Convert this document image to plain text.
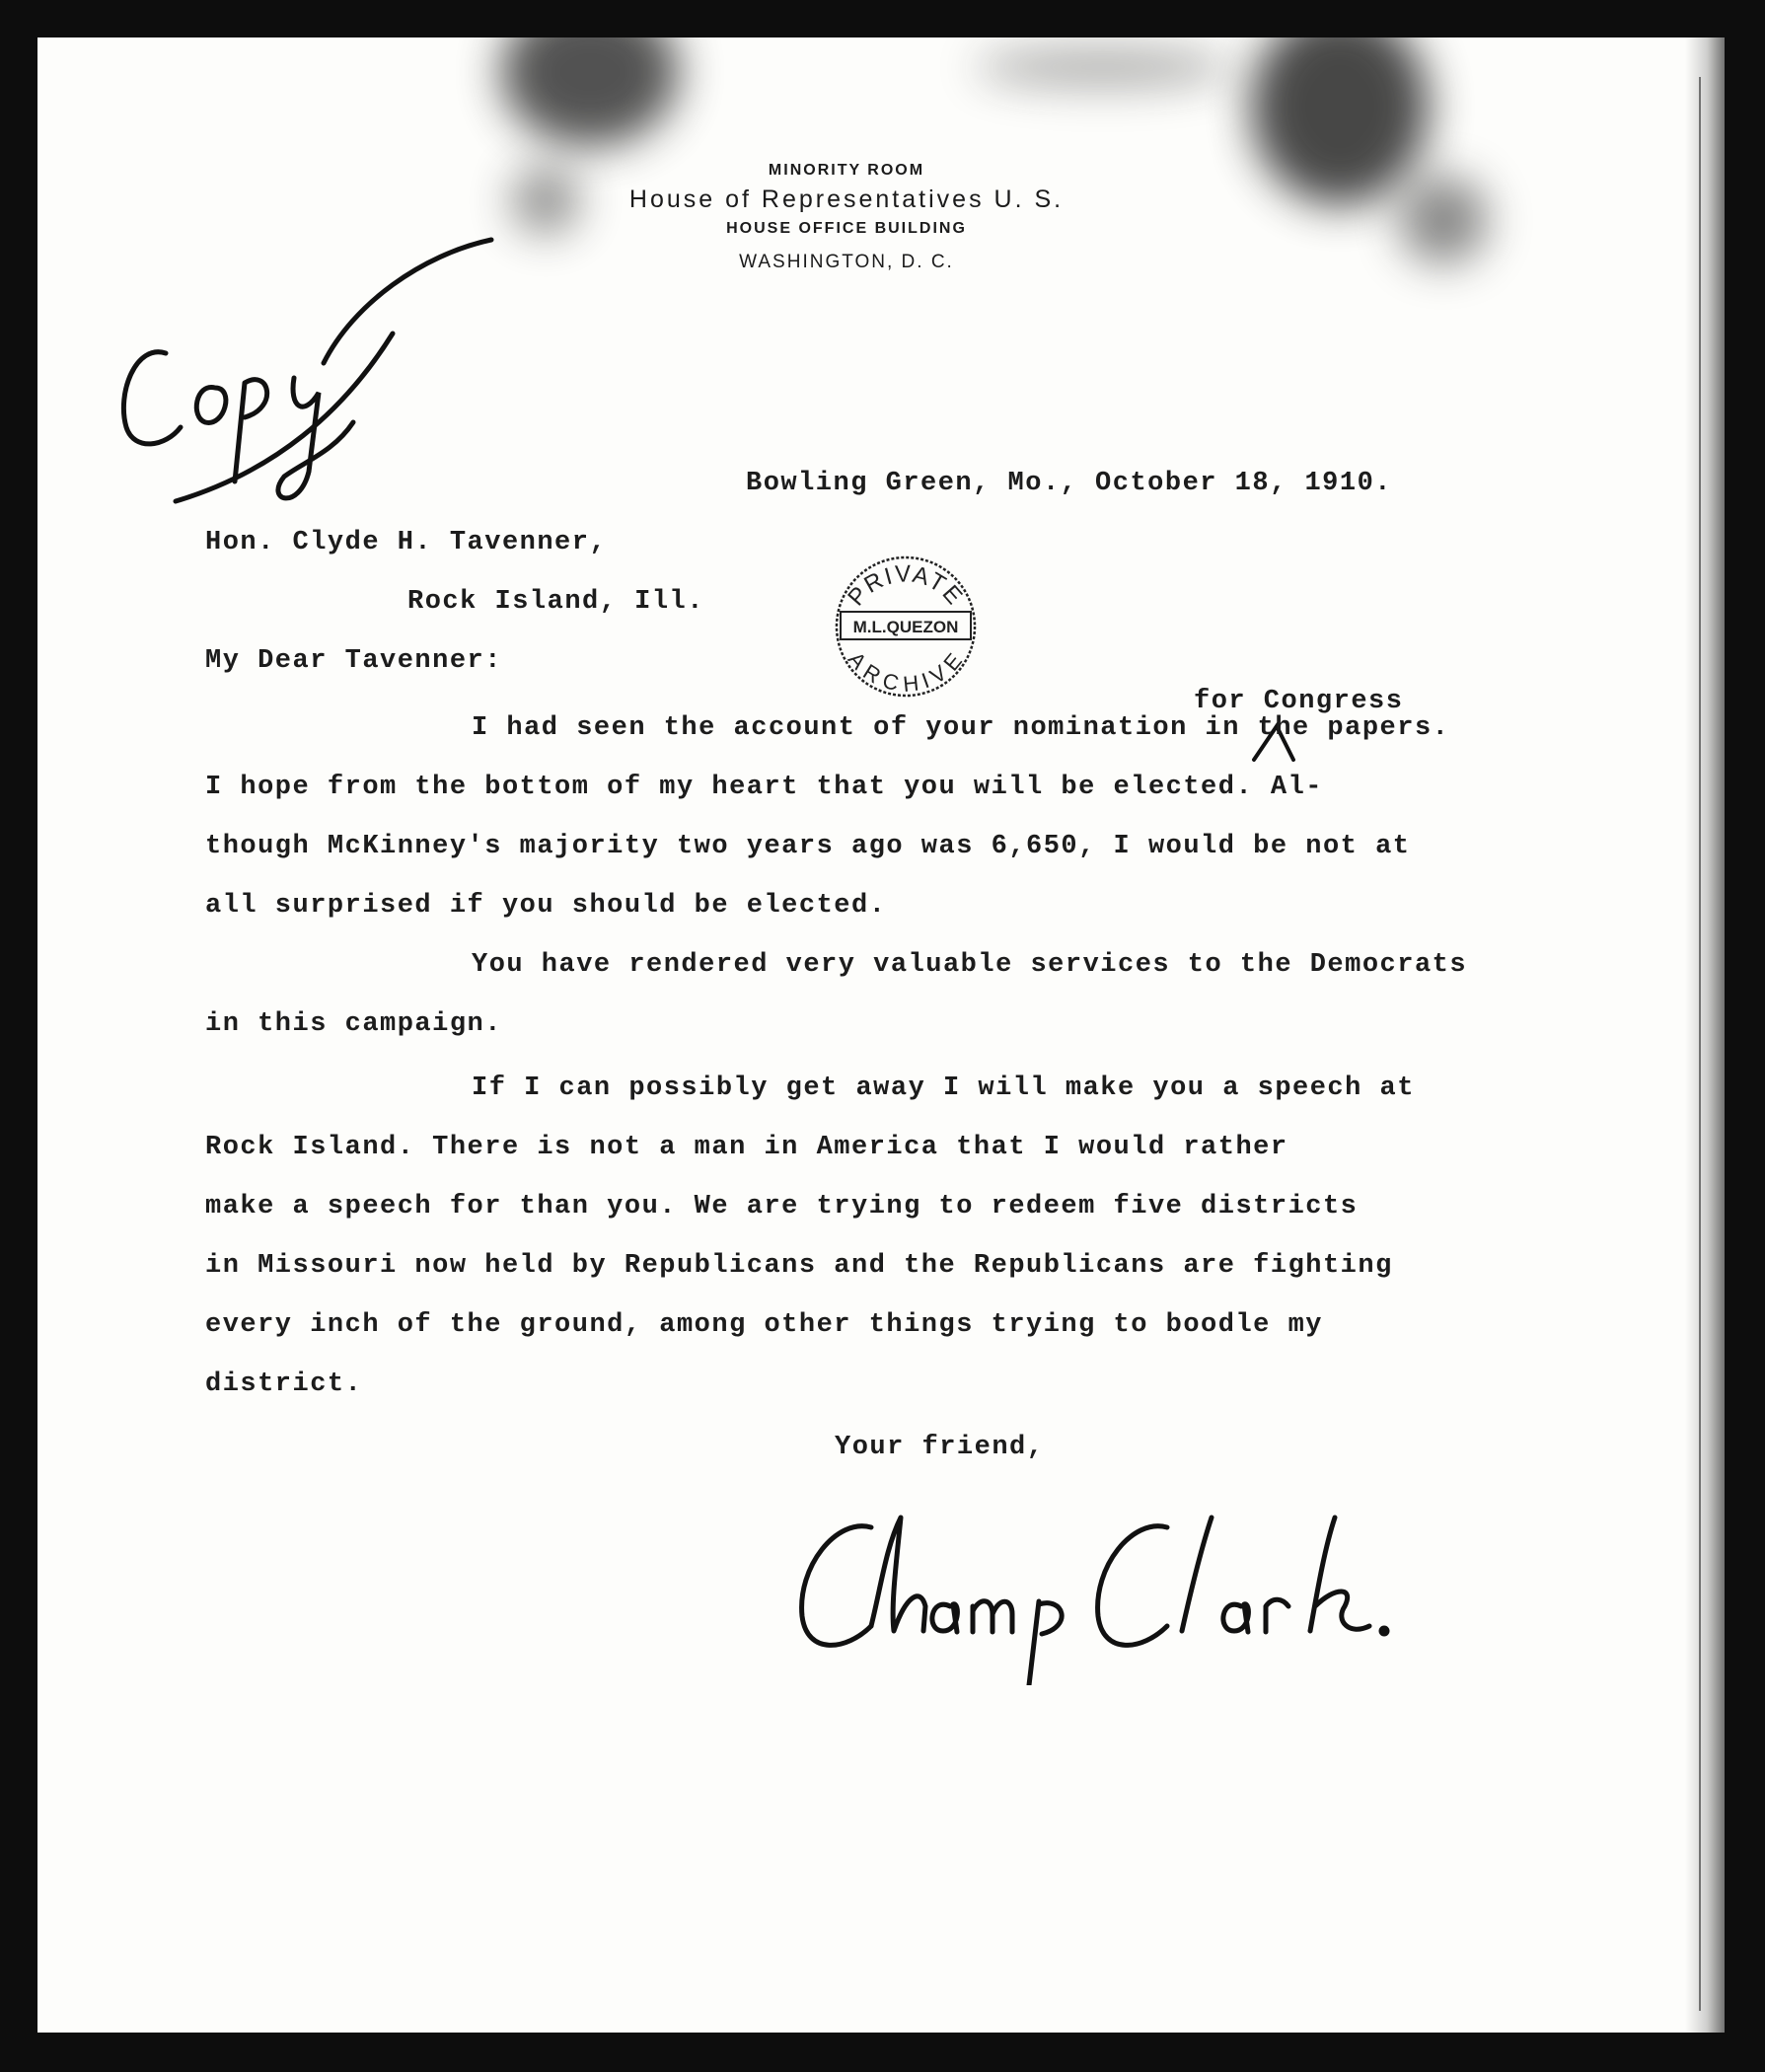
MINORITY ROOM
House of Representatives U. S.
HOUSE OFFICE BUILDING
WASHINGTON, D. C.
Bowling Green, Mo., October 18, 1910.
Hon. Clyde H. Tavenner,
Rock Island, Ill.	PRIVATE
M.L.QUEZON
ARCHIVE
My Dear Tavenner:
for Congress
I had seen the account of your nomination in the papers.
I hope from the bottom of my heart that you will be elected. Al-
though McKinney's majority two years ago was 6,650, I would be not at
all surprised if you should be elected.
You have rendered very valuable services to the Democrats
in this campaign.
If I can possibly get away I will make you a speech at
Rock Island. There is not a man in America that I would rather
make a speech for than you. We are trying to redeem five districts
in Missouri now held by Republicans and the Republicans are fighting
every inch of the ground, among other things trying to boodle my
district.
Your friend,
